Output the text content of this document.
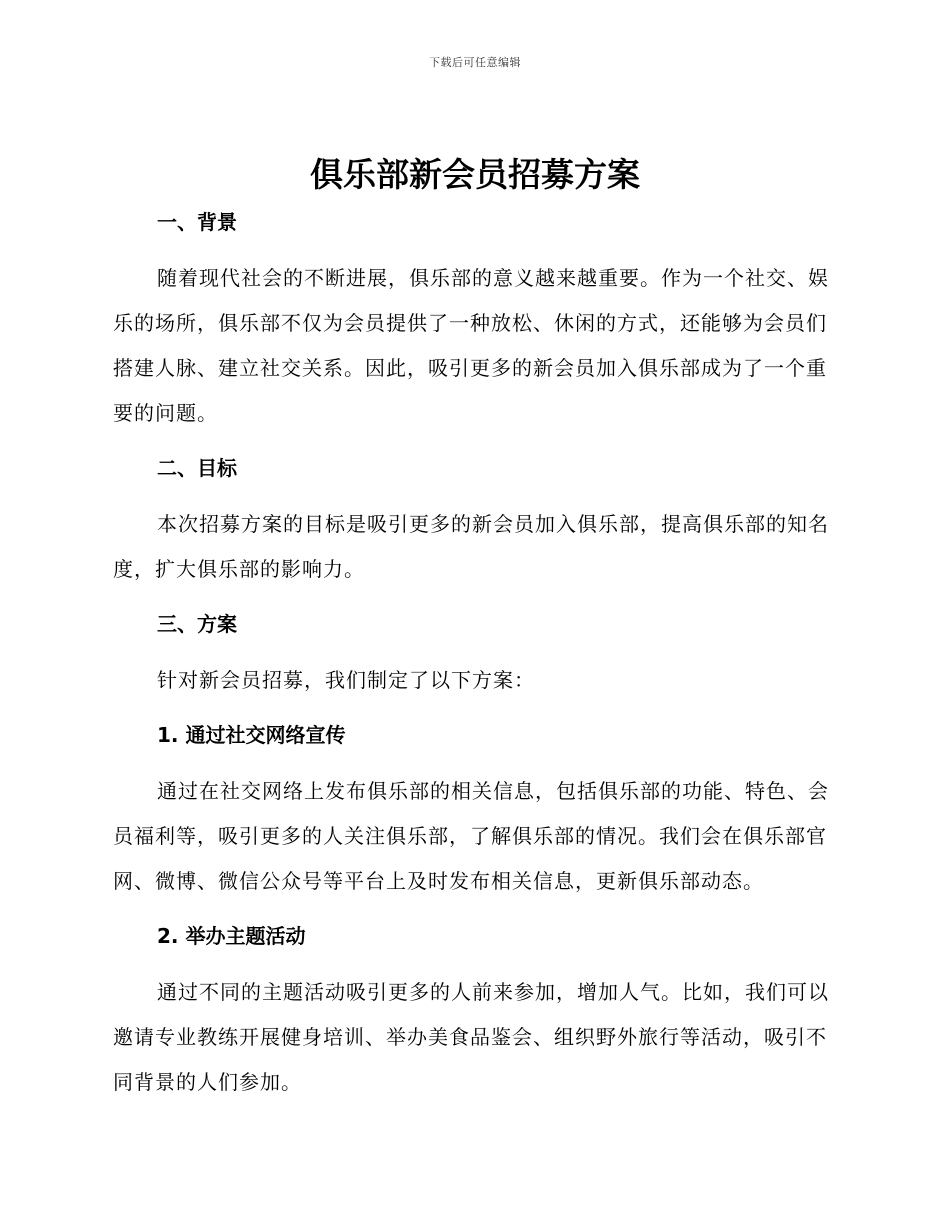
下载后可任意编辑
俱乐部新会员招募方案
一、背景

随着现代社会的不断进展，俱乐部的意义越来越重要。作为一个社交、娱乐的场所，俱乐部不仅为会员提供了一种放松、休闲的方式，还能够为会员们搭建人脉、建立社交关系。因此，吸引更多的新会员加入俱乐部成为了一个重要的问题。

二、目标

本次招募方案的目标是吸引更多的新会员加入俱乐部，提高俱乐部的知名度，扩大俱乐部的影响力。

三、方案

针对新会员招募，我们制定了以下方案：

1. 通过社交网络宣传

通过在社交网络上发布俱乐部的相关信息，包括俱乐部的功能、特色、会员福利等，吸引更多的人关注俱乐部，了解俱乐部的情况。我们会在俱乐部官网、微博、微信公众号等平台上及时发布相关信息，更新俱乐部动态。

2. 举办主题活动

通过不同的主题活动吸引更多的人前来参加，增加人气。比如，我们可以邀请专业教练开展健身培训、举办美食品鉴会、组织野外旅行等活动，吸引不同背景的人们参加。
